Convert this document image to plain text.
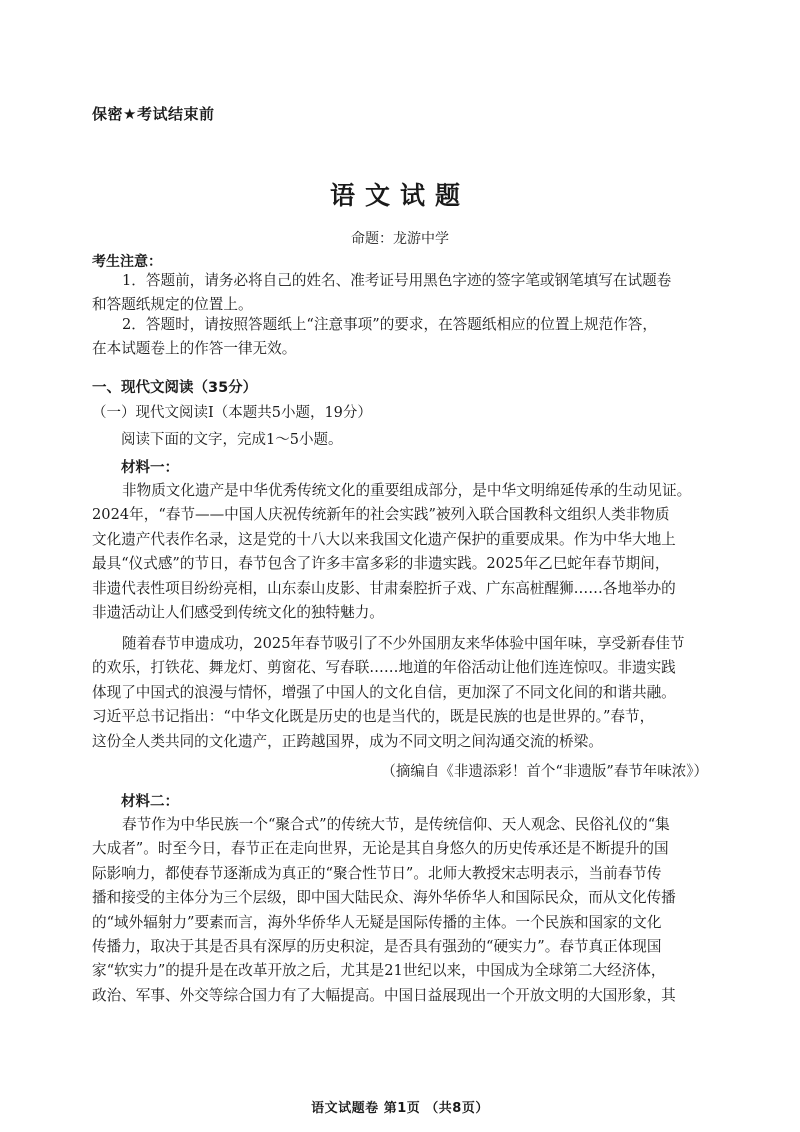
保密★考试结束前
语文试题
命题：龙游中学
考生注意：
1．答题前，请务必将自己的姓名、准考证号用黑色字迹的签字笔或钢笔填写在试题卷
和答题纸规定的位置上。
2．答题时，请按照答题纸上“注意事项”的要求，在答题纸相应的位置上规范作答，
在本试题卷上的作答一律无效。
一、现代文阅读（35分）
（一）现代文阅读Ⅰ（本题共5小题，19分）
阅读下面的文字，完成1～5小题。
材料一：
非物质文化遗产是中华优秀传统文化的重要组成部分，是中华文明绵延传承的生动见证。
2024年，“春节——中国人庆祝传统新年的社会实践”被列入联合国教科文组织人类非物质
文化遗产代表作名录，这是党的十八大以来我国文化遗产保护的重要成果。作为中华大地上
最具“仪式感”的节日，春节包含了许多丰富多彩的非遗实践。2025年乙巳蛇年春节期间，
非遗代表性项目纷纷亮相，山东泰山皮影、甘肃秦腔折子戏、广东高桩醒狮……各地举办的
非遗活动让人们感受到传统文化的独特魅力。
随着春节申遗成功，2025年春节吸引了不少外国朋友来华体验中国年味，享受新春佳节
的欢乐，打铁花、舞龙灯、剪窗花、写春联……地道的年俗活动让他们连连惊叹。非遗实践
体现了中国式的浪漫与情怀，增强了中国人的文化自信，更加深了不同文化间的和谐共融。
习近平总书记指出：“中华文化既是历史的也是当代的，既是民族的也是世界的。”春节，
这份全人类共同的文化遗产，正跨越国界，成为不同文明之间沟通交流的桥梁。
（摘编自《非遗添彩！首个“非遗版”春节年味浓》）
材料二：
春节作为中华民族一个“聚合式”的传统大节，是传统信仰、天人观念、民俗礼仪的“集
大成者”。时至今日，春节正在走向世界，无论是其自身悠久的历史传承还是不断提升的国
际影响力，都使春节逐渐成为真正的“聚合性节日”。北师大教授宋志明表示，当前春节传
播和接受的主体分为三个层级，即中国大陆民众、海外华侨华人和国际民众，而从文化传播
的“域外辐射力”要素而言，海外华侨华人无疑是国际传播的主体。一个民族和国家的文化
传播力，取决于其是否具有深厚的历史积淀，是否具有强劲的“硬实力”。春节真正体现国
家“软实力”的提升是在改革开放之后，尤其是21世纪以来，中国成为全球第二大经济体，
政治、军事、外交等综合国力有了大幅提高。中国日益展现出一个开放文明的大国形象，其
语文试题卷 第1页 （共8页）
